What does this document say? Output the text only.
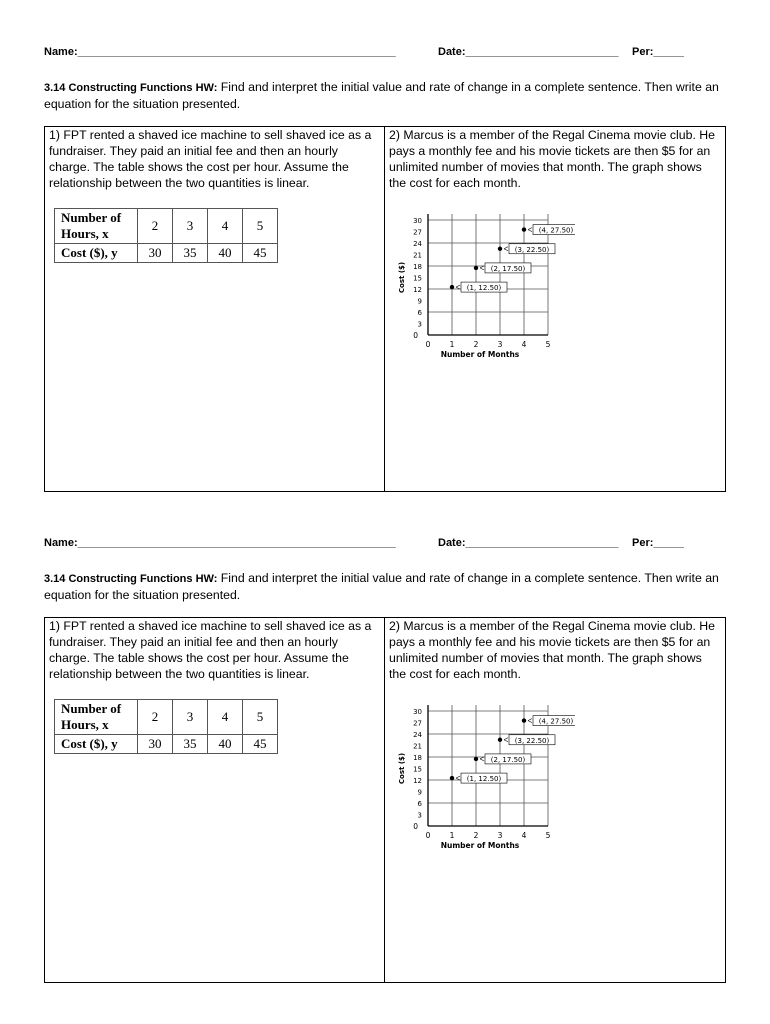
Name:____________________________________________________	Date:_________________________ Per:_____
3.14 Constructing Functions HW: Find and interpret the initial value and rate of change in a complete sentence. Then write an equation for the situation presented.

1) FPT rented a shaved ice machine to sell shaved ice as a fundraiser. They paid an initial fee and then an hourly charge. The table shows the cost per hour. Assume the relationship between the two quantities is linear.

Number of Hours, x	2	3	4	5
Cost ($), y	30	35	40	45

2) Marcus is a member of the Regal Cinema movie club. He pays a monthly fee and his movie tickets are then $5 for an unlimited number of movies that month. The graph shows the cost for each month.

0	1	2	3	4	5
0
3
6
9
12
15
18
21
24
27
30
Number of Months
Cost ($)	(1, 12.50)
(2, 17.50)
(3, 22.50)
(4, 27.50)
Name:____________________________________________________	Date:_________________________ Per:_____
3.14 Constructing Functions HW: Find and interpret the initial value and rate of change in a complete sentence. Then write an equation for the situation presented.

1) FPT rented a shaved ice machine to sell shaved ice as a fundraiser. They paid an initial fee and then an hourly charge. The table shows the cost per hour. Assume the relationship between the two quantities is linear.

Number of Hours, x	2	3	4	5
Cost ($), y	30	35	40	45

2) Marcus is a member of the Regal Cinema movie club. He pays a monthly fee and his movie tickets are then $5 for an unlimited number of movies that month. The graph shows the cost for each month.

0	1	2	3	4	5
0
3
6
9
12
15
18
21
24
27
30
Number of Months
Cost ($)	(1, 12.50)
(2, 17.50)
(3, 22.50)
(4, 27.50)
